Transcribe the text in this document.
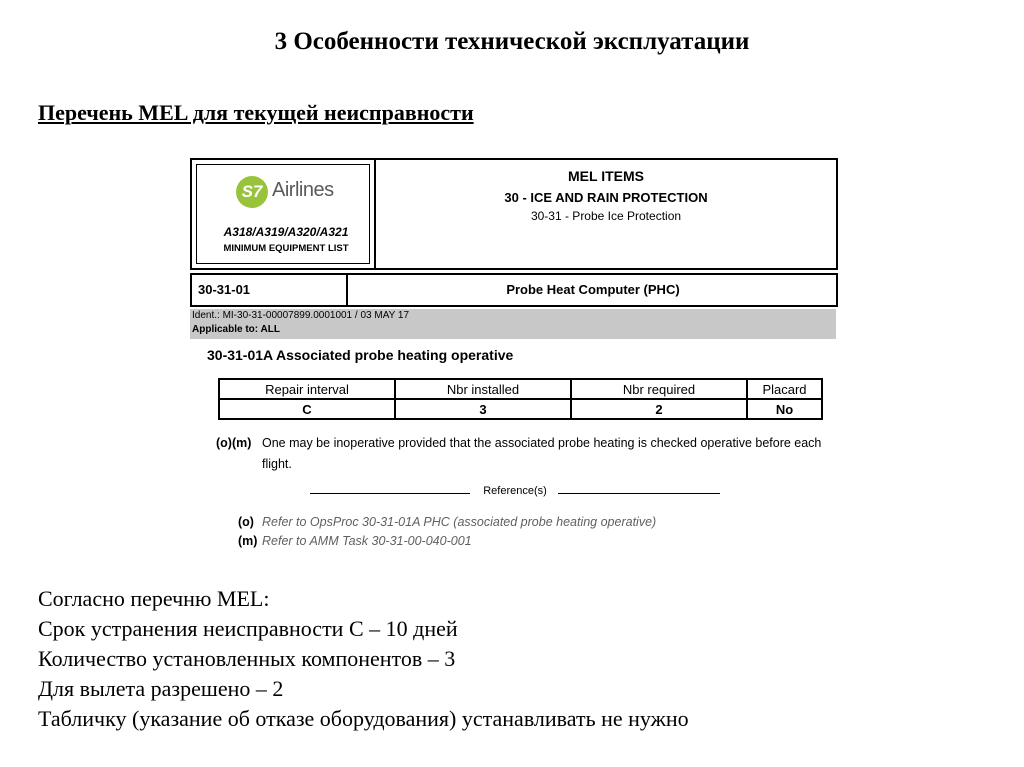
3 Особенности технической эксплуатации
Перечень MEL для текущей неисправности
S7 Airlines
A318/A319/A320/A321
MINIMUM EQUIPMENT LIST
MEL ITEMS
30 - ICE AND RAIN PROTECTION
30-31 - Probe Ice Protection
30-31-01	Probe Heat Computer (PHC)
Ident.: MI-30-31-00007899.0001001 / 03 MAY 17
Applicable to: ALL
30-31-01A Associated probe heating operative
Repair interval	Nbr installed	Nbr required	Placard
C	3	2	No
(o)(m) One may be inoperative provided that the associated probe heating is checked operative before each flight.
Reference(s)
(o) Refer to OpsProc 30-31-01A PHC (associated probe heating operative)
(m) Refer to AMM Task 30-31-00-040-001
Согласно перечню MEL:
Срок устранения неисправности С – 10 дней
Количество установленных компонентов – 3
Для вылета разрешено – 2
Табличку (указание об отказе оборудования) устанавливать не нужно
